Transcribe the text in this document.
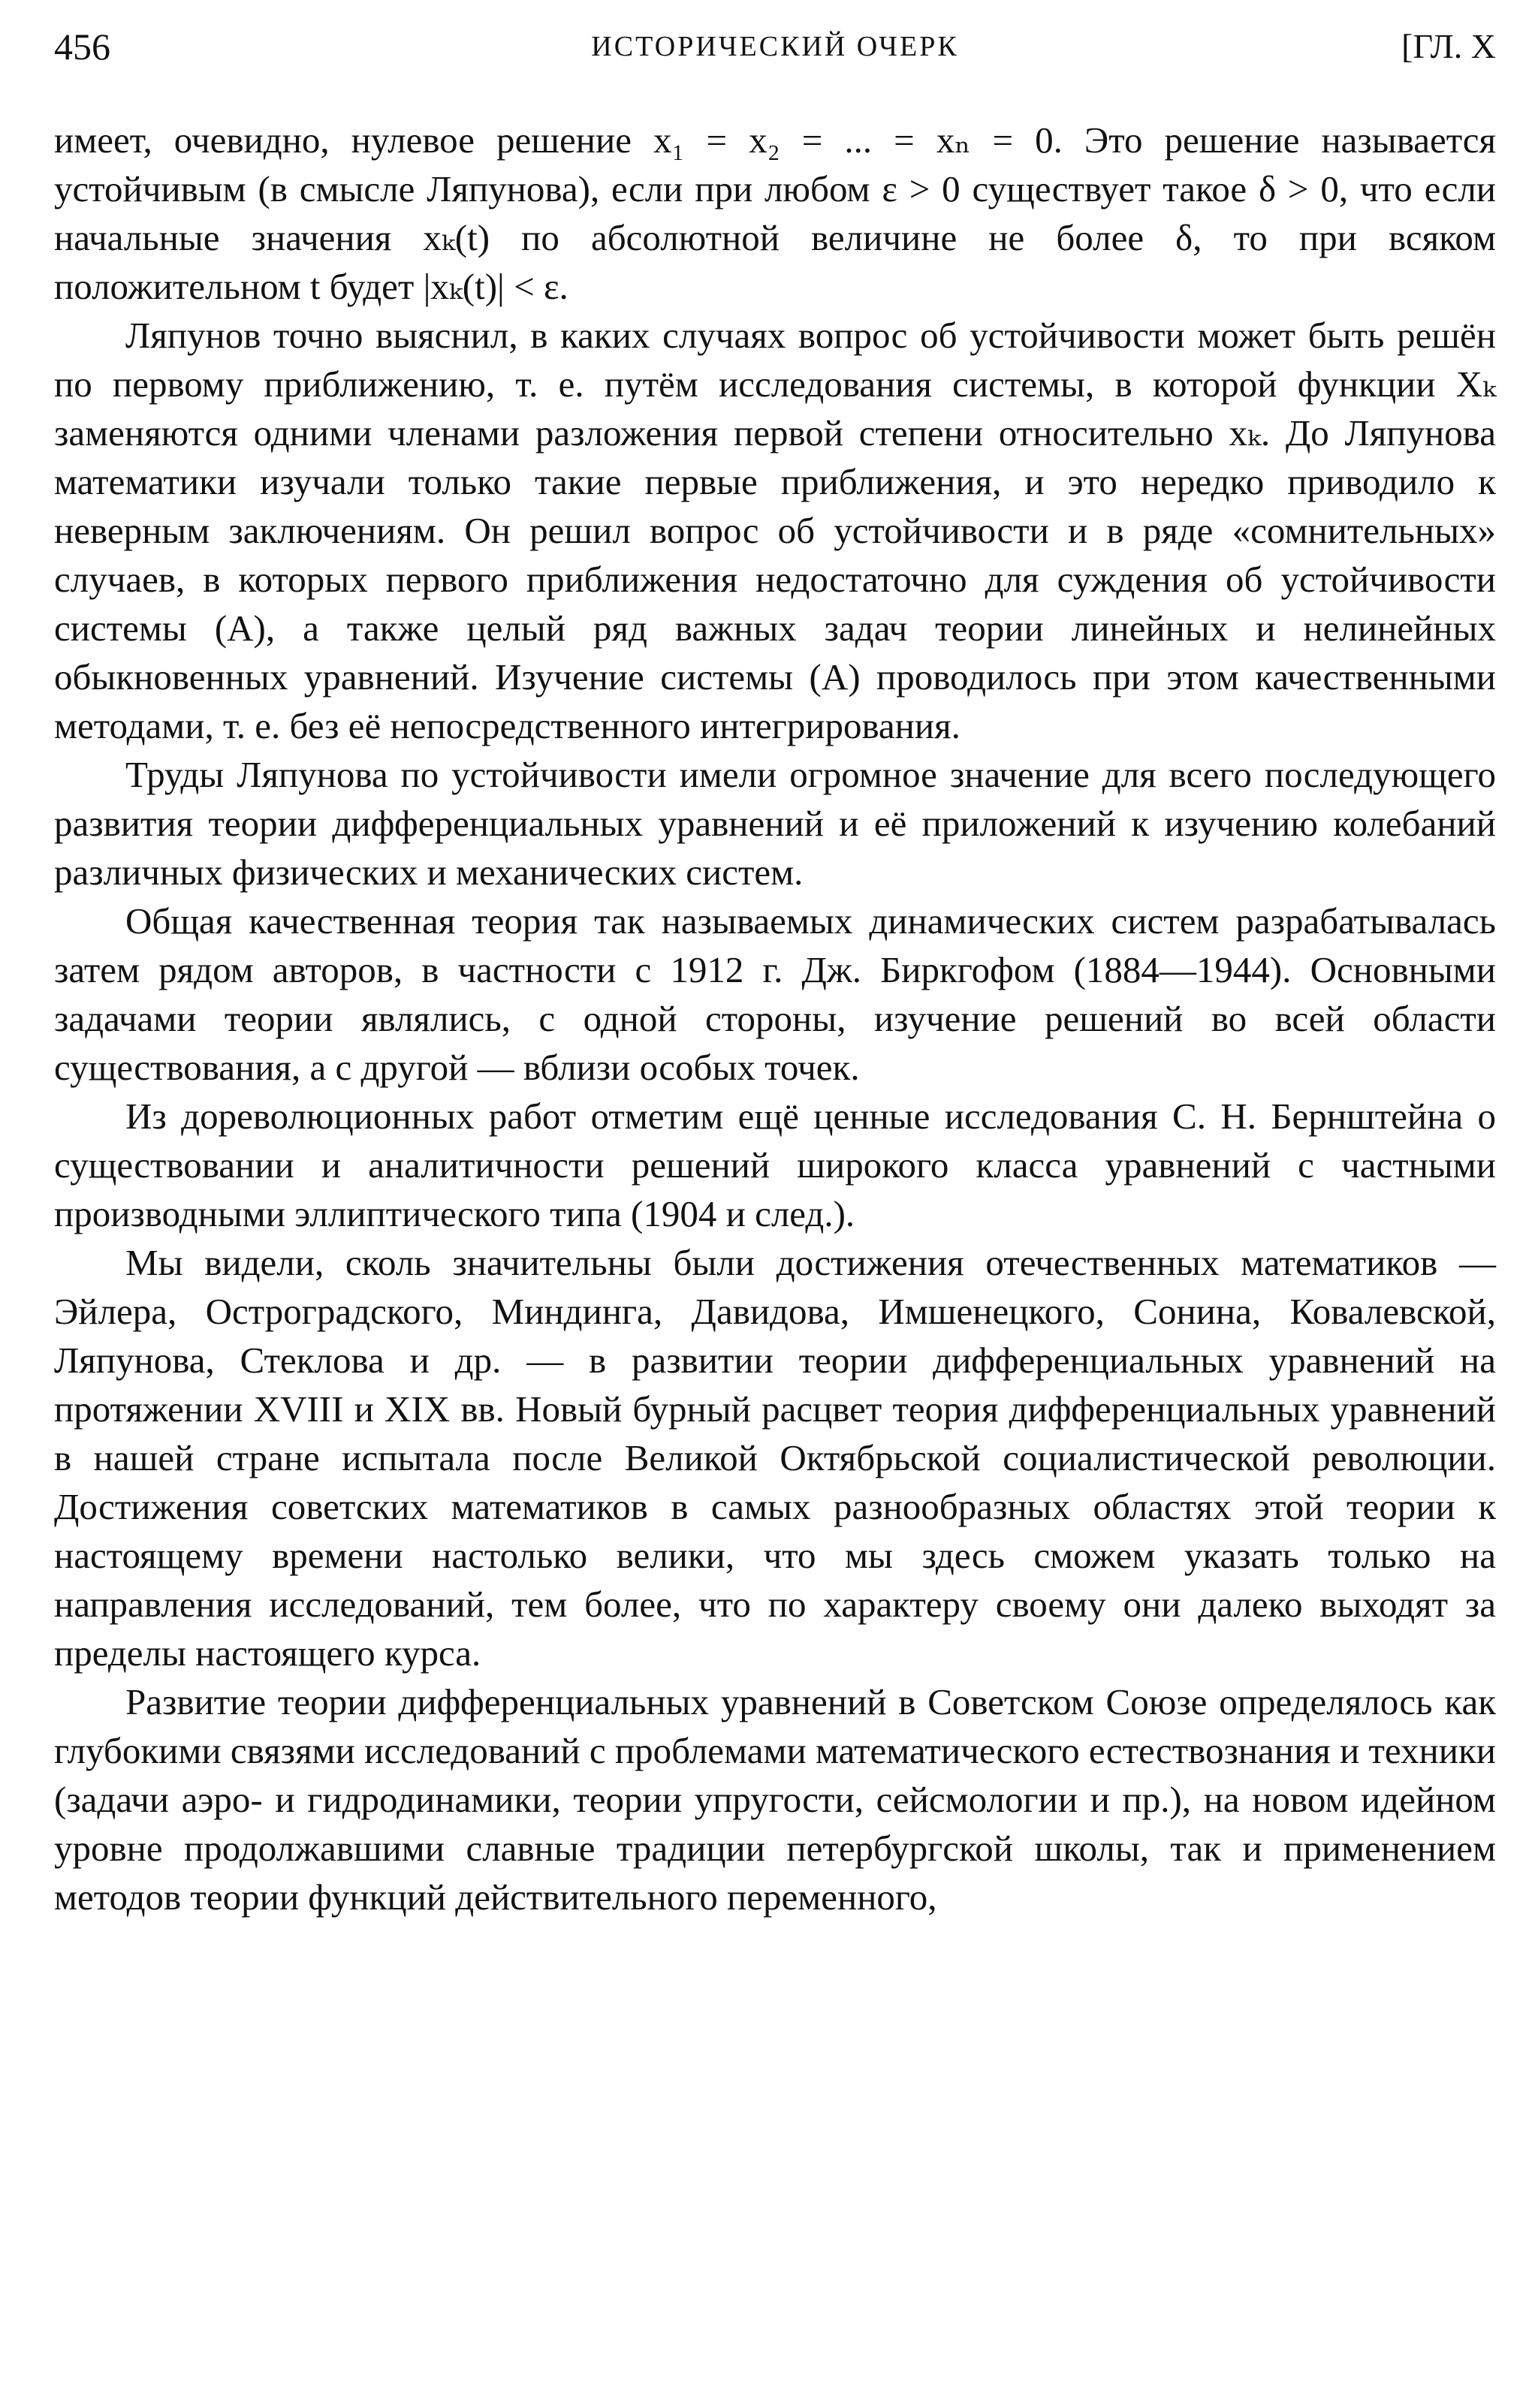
456	ИСТОРИЧЕСКИЙ ОЧЕРК	[ГЛ. X

имеет, очевидно, нулевое решение x₁ = x₂ = ... = xₙ = 0. Это решение называется устойчивым (в смысле Ляпунова), если при любом ε > 0 существует такое δ > 0, что если начальные значения xₖ(t) по абсолютной величине не более δ, то при всяком положительном t будет |xₖ(t)| < ε.

Ляпунов точно выяснил, в каких случаях вопрос об устойчивости может быть решён по первому приближению, т. е. путём исследования системы, в которой функции Xₖ заменяются одними членами разложения первой степени относительно xₖ. До Ляпунова математики изучали только такие первые приближения, и это нередко приводило к неверным заключениям. Он решил вопрос об устойчивости и в ряде «сомнительных» случаев, в которых первого приближения недостаточно для суждения об устойчивости системы (А), а также целый ряд важных задач теории линейных и нелинейных обыкновенных уравнений. Изучение системы (А) проводилось при этом качественными методами, т. е. без её непосредственного интегрирования.

Труды Ляпунова по устойчивости имели огромное значение для всего последующего развития теории дифференциальных уравнений и её приложений к изучению колебаний различных физических и механических систем.

Общая качественная теория так называемых динамических систем разрабатывалась затем рядом авторов, в частности с 1912 г. Дж. Биркгофом (1884—1944). Основными задачами теории являлись, с одной стороны, изучение решений во всей области существования, а с другой — вблизи особых точек.

Из дореволюционных работ отметим ещё ценные исследования С. Н. Бернштейна о существовании и аналитичности решений широкого класса уравнений с частными производными эллиптического типа (1904 и след.).

Мы видели, сколь значительны были достижения отечественных математиков — Эйлера, Остроградского, Миндинга, Давидова, Имшенецкого, Сонина, Ковалевской, Ляпунова, Стеклова и др. — в развитии теории дифференциальных уравнений на протяжении XVIII и XIX вв. Новый бурный расцвет теория дифференциальных уравнений в нашей стране испытала после Великой Октябрьской социалистической революции. Достижения советских математиков в самых разнообразных областях этой теории к настоящему времени настолько велики, что мы здесь сможем указать только на направления исследований, тем более, что по характеру своему они далеко выходят за пределы настоящего курса.

Развитие теории дифференциальных уравнений в Советском Союзе определялось как глубокими связями исследований с проблемами математического естествознания и техники (задачи аэро- и гидродинамики, теории упругости, сейсмологии и пр.), на новом идейном уровне продолжавшими славные традиции петербургской школы, так и применением методов теории функций действительного переменного,
